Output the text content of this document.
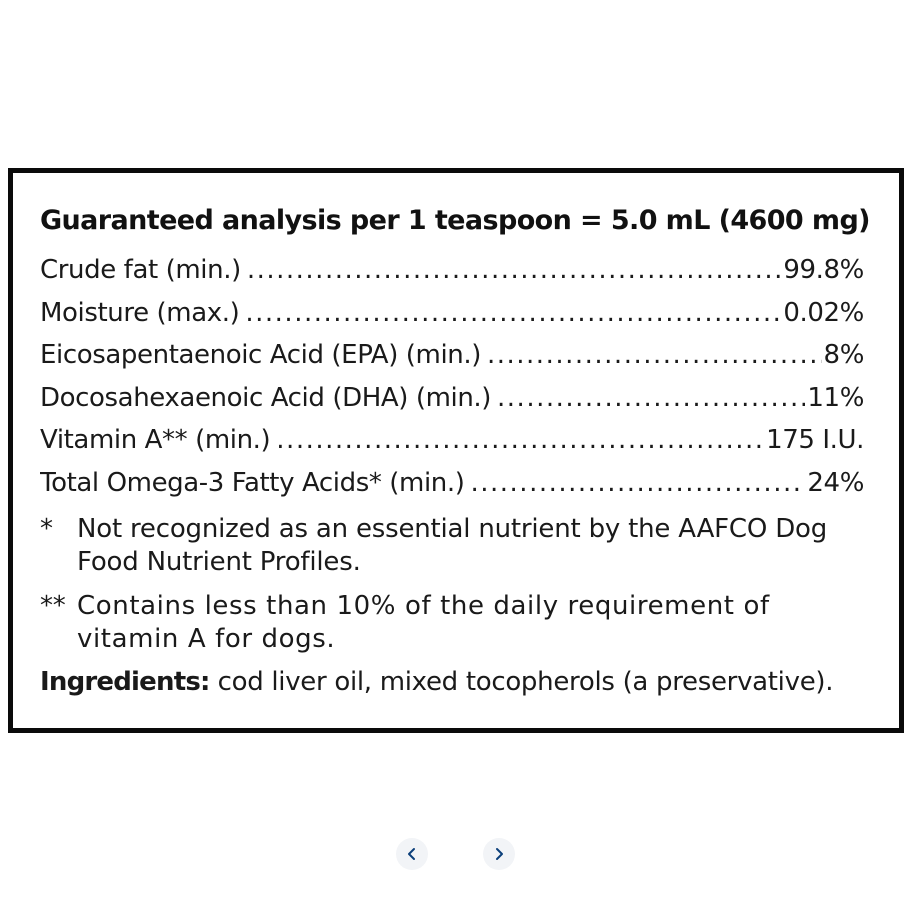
Guaranteed analysis per 1 teaspoon = 5.0 mL (4600 mg)
Crude fat (min.) .....	99.8%
Moisture (max.) .....	0.02%
Eicosapentaenoic Acid (EPA) (min.) .....	8%
Docosahexaenoic Acid (DHA) (min.) .....	11%
Vitamin A** (min.) .....	175 I.U.
Total Omega-3 Fatty Acids* (min.) .....	24%
* Not recognized as an essential nutrient by the AAFCO Dog Food Nutrient Profiles.
** Contains less than 10% of the daily requirement of vitamin A for dogs.
Ingredients: cod liver oil, mixed tocopherols (a preservative).
